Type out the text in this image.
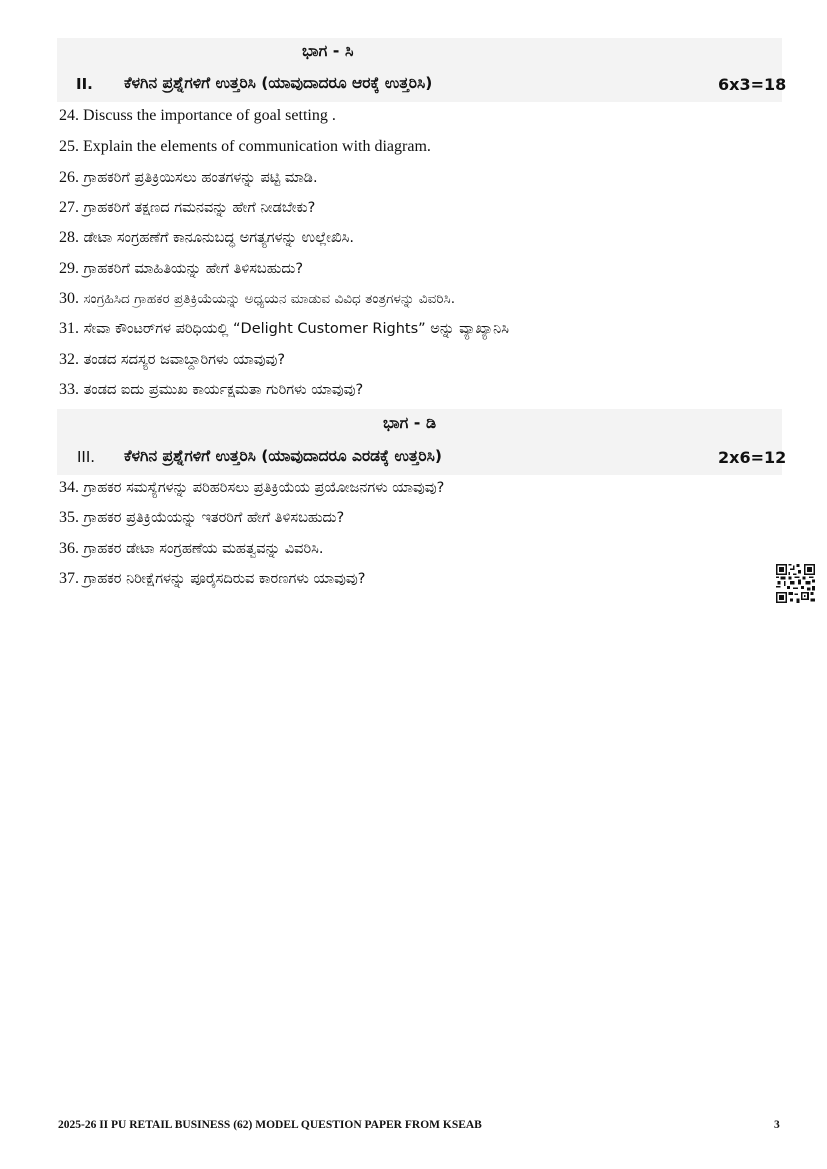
ಭಾಗ - ಸಿ
II. ಕೆಳಗಿನ ಪ್ರಶ್ನೆಗಳಿಗೆ ಉತ್ತರಿಸಿ (ಯಾವುದಾದರೂ ಆರಕ್ಕೆ ಉತ್ತರಿಸಿ)	6x3=18
24. Discuss the importance of goal setting .
25. Explain the elements of communication with diagram.
26. ಗ್ರಾಹಕರಿಗೆ ಪ್ರತಿಕ್ರಿಯಿಸಲು ಹಂತಗಳನ್ನು ಪಟ್ಟಿ ಮಾಡಿ.
27. ಗ್ರಾಹಕರಿಗೆ ತಕ್ಷಣದ ಗಮನವನ್ನು ಹೇಗೆ ನೀಡಬೇಕು?
28. ಡೇಟಾ ಸಂಗ್ರಹಣೆಗೆ ಕಾನೂನುಬದ್ಧ ಅಗತ್ಯಗಳನ್ನು ಉಲ್ಲೇಖಿಸಿ.
29. ಗ್ರಾಹಕರಿಗೆ ಮಾಹಿತಿಯನ್ನು ಹೇಗೆ ತಿಳಿಸಬಹುದು?
30. ಸಂಗ್ರಹಿಸಿದ ಗ್ರಾಹಕರ ಪ್ರತಿಕ್ರಿಯೆಯನ್ನು ಅಧ್ಯಯನ ಮಾಡುವ ವಿವಿಧ ತಂತ್ರಗಳನ್ನು ವಿವರಿಸಿ.
31. ಸೇವಾ ಕೌಂಟರ್‌ಗಳ ಪರಿಧಿಯಲ್ಲಿ “Delight Customer Rights” ಅನ್ನು ವ್ಯಾಖ್ಯಾನಿಸಿ
32. ತಂಡದ ಸದಸ್ಯರ ಜವಾಬ್ದಾರಿಗಳು ಯಾವುವು?
33. ತಂಡದ ಐದು ಪ್ರಮುಖ ಕಾರ್ಯಕ್ಷಮತಾ ಗುರಿಗಳು ಯಾವುವು?
ಭಾಗ - ಡಿ
III. ಕೆಳಗಿನ ಪ್ರಶ್ನೆಗಳಿಗೆ ಉತ್ತರಿಸಿ (ಯಾವುದಾದರೂ ಎರಡಕ್ಕೆ ಉತ್ತರಿಸಿ)	2x6=12
34. ಗ್ರಾಹಕರ ಸಮಸ್ಯೆಗಳನ್ನು ಪರಿಹರಿಸಲು ಪ್ರತಿಕ್ರಿಯೆಯ ಪ್ರಯೋಜನಗಳು ಯಾವುವು?
35. ಗ್ರಾಹಕರ ಪ್ರತಿಕ್ರಿಯೆಯನ್ನು ಇತರರಿಗೆ ಹೇಗೆ ತಿಳಿಸಬಹುದು?
36. ಗ್ರಾಹಕರ ಡೇಟಾ ಸಂಗ್ರಹಣೆಯ ಮಹತ್ವವನ್ನು ವಿವರಿಸಿ.
37. ಗ್ರಾಹಕರ ನಿರೀಕ್ಷೆಗಳನ್ನು ಪೂರೈಸದಿರುವ ಕಾರಣಗಳು ಯಾವುವು?
2025-26 II PU RETAIL BUSINESS (62) MODEL QUESTION PAPER FROM KSEAB	3
